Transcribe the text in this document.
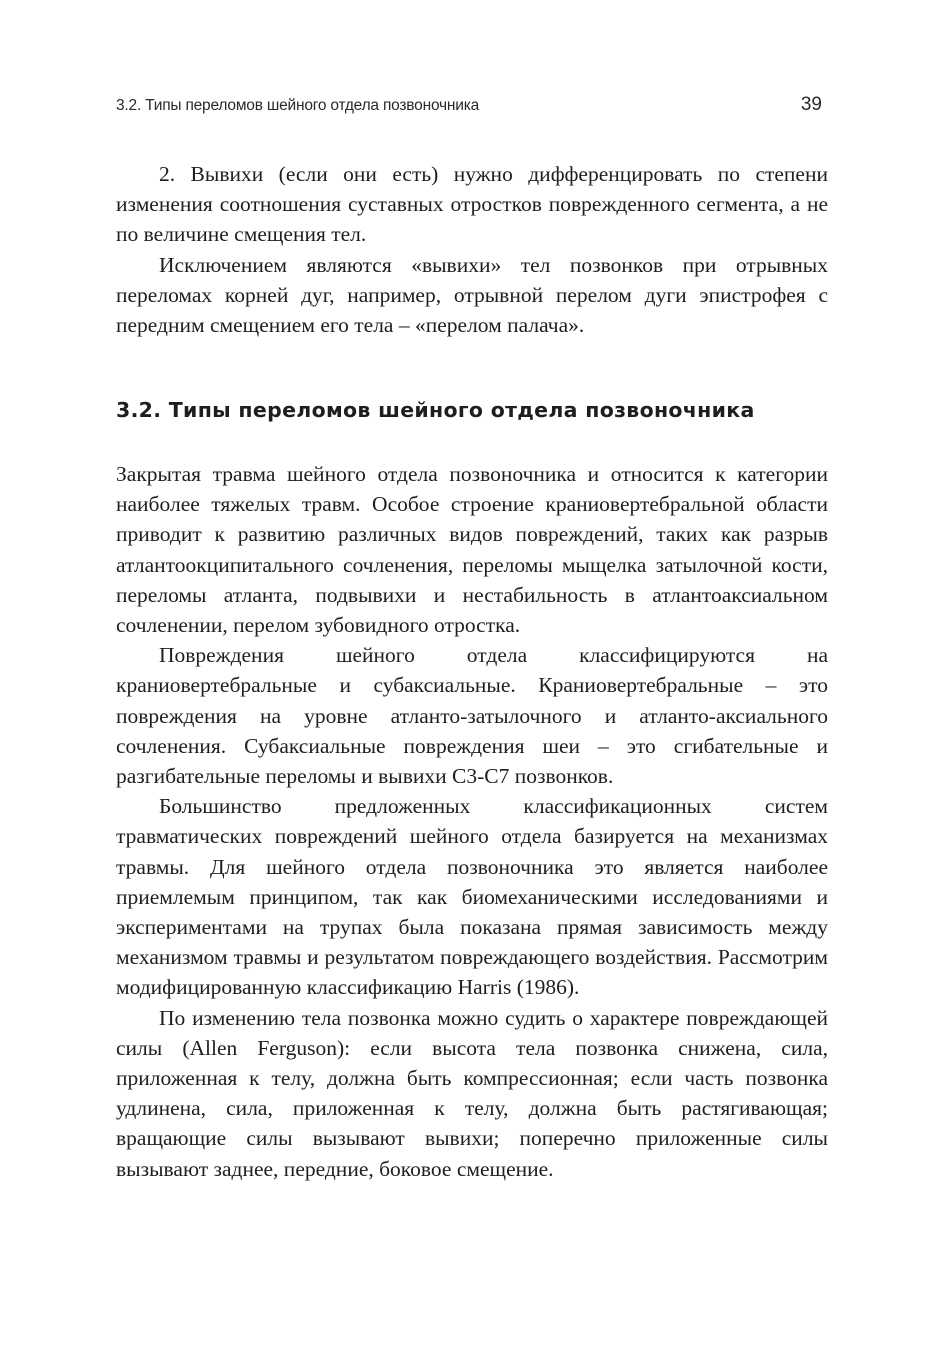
3.2. Типы переломов шейного отдела позвоночника	39

2. Вывихи (если они есть) нужно дифференцировать по степени изменения соотношения суставных отростков поврежденного сегмента, а не по величине смещения тел.

Исключением являются «вывихи» тел позвонков при отрывных переломах корней дуг, например, отрывной перелом дуги эпистрофея с передним смещением его тела – «перелом палача».

3.2. Типы переломов шейного отдела позвоночника

Закрытая травма шейного отдела позвоночника и относится к категории наиболее тяжелых травм. Особое строение краниовертебральной области приводит к развитию различных видов повреждений, таких как разрыв атлантоокципитального сочленения, переломы мыщелка затылочной кости, переломы атланта, подвывихи и нестабильность в атлантоаксиальном сочленении, перелом зубовидного отростка.

Повреждения шейного отдела классифицируются на краниовертебральные и субаксиальные. Краниовертебральные – это повреждения на уровне атланто-затылочного и атланто-аксиального сочленения. Субаксиальные повреждения шеи – это сгибательные и разгибательные переломы и вывихи С3-С7 позвонков.

Большинство предложенных классификационных систем травматических повреждений шейного отдела базируется на механизмах травмы. Для шейного отдела позвоночника это является наиболее приемлемым принципом, так как биомеханическими исследованиями и экспериментами на трупах была показана прямая зависимость между механизмом травмы и результатом повреждающего воздействия. Рассмотрим модифицированную классификацию Harris (1986).

По изменению тела позвонка можно судить о характере повреждающей силы (Allen Ferguson): если высота тела позвонка снижена, сила, приложенная к телу, должна быть компрессионная; если часть позвонка удлинена, сила, приложенная к телу, должна быть растягивающая; вращающие силы вызывают вывихи; поперечно приложенные силы вызывают заднее, передние, боковое смещение.
